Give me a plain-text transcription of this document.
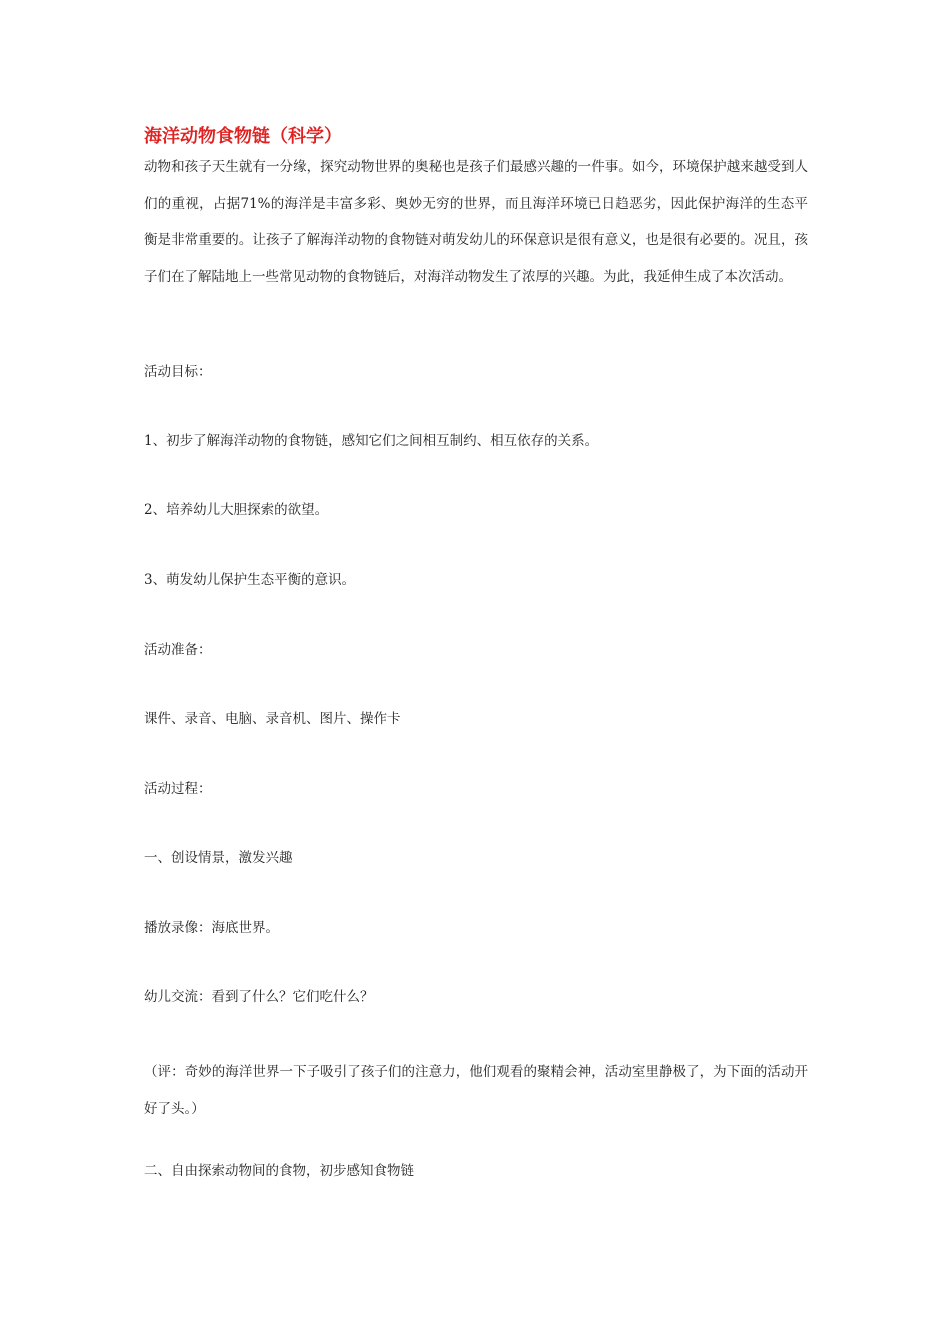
海洋动物食物链（科学）

动物和孩子天生就有一分缘，探究动物世界的奥秘也是孩子们最感兴趣的一件事。如今，环境保护越来越受到人们的重视，占据71%的海洋是丰富多彩、奥妙无穷的世界，而且海洋环境已日趋恶劣，因此保护海洋的生态平衡是非常重要的。让孩子了解海洋动物的食物链对萌发幼儿的环保意识是很有意义，也是很有必要的。况且，孩子们在了解陆地上一些常见动物的食物链后，对海洋动物发生了浓厚的兴趣。为此，我延伸生成了本次活动。

活动目标：

1、初步了解海洋动物的食物链，感知它们之间相互制约、相互依存的关系。

2、培养幼儿大胆探索的欲望。

3、萌发幼儿保护生态平衡的意识。

活动准备：

课件、录音、电脑、录音机、图片、操作卡

活动过程：

一、创设情景，激发兴趣

播放录像：海底世界。

幼儿交流：看到了什么？它们吃什么？

（评：奇妙的海洋世界一下子吸引了孩子们的注意力，他们观看的聚精会神，活动室里静极了，为下面的活动开好了头。）

二、自由探索动物间的食物，初步感知食物链
